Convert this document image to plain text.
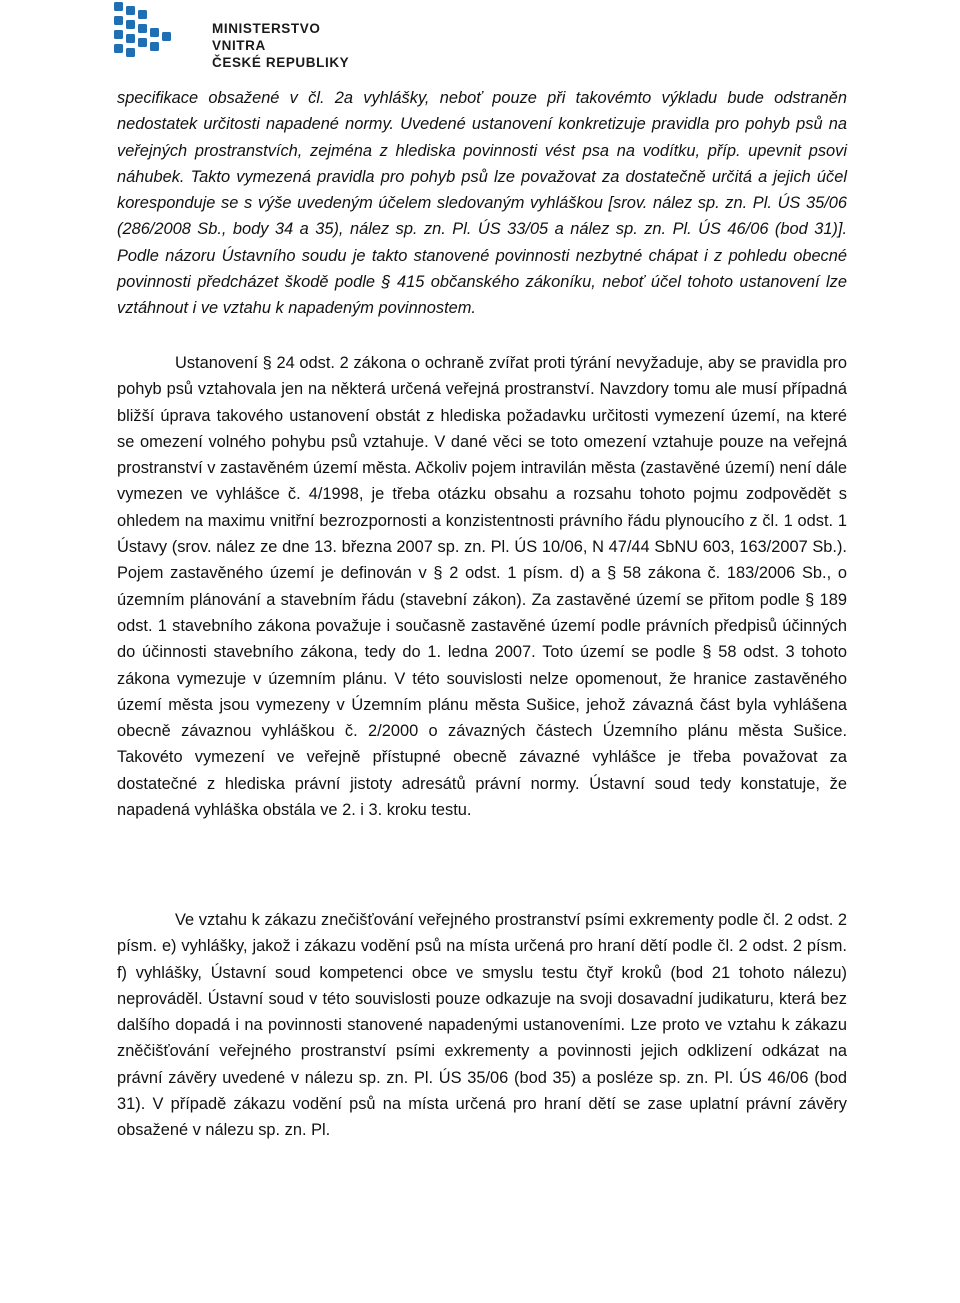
MINISTERSTVO VNITRA
ČESKÉ REPUBLIKY

specifikace obsažené v čl. 2a vyhlášky, neboť pouze při takovémto výkladu bude odstraněn nedostatek určitosti napadené normy. Uvedené ustanovení konkretizuje pravidla pro pohyb psů na veřejných prostranstvích, zejména z hlediska povinnosti vést psa na vodítku, příp. upevnit psovi náhubek. Takto vymezená pravidla pro pohyb psů lze považovat za dostatečně určitá a jejich účel koresponduje se s výše uvedeným účelem sledovaným vyhláškou [srov. nález sp. zn. Pl. ÚS 35/06 (286/2008 Sb., body 34 a 35), nález sp. zn. Pl. ÚS 33/05 a nález sp. zn. Pl. ÚS 46/06 (bod 31)]. Podle názoru Ústavního soudu je takto stanovené povinnosti nezbytné chápat i z pohledu obecné povinnosti předcházet škodě podle § 415 občanského zákoníku, neboť účel tohoto ustanovení lze vztáhnout i ve vztahu k napadeným povinnostem.

Ustanovení § 24 odst. 2 zákona o ochraně zvířat proti týrání nevyžaduje, aby se pravidla pro pohyb psů vztahovala jen na některá určená veřejná prostranství. Navzdory tomu ale musí případná bližší úprava takového ustanovení obstát z hlediska požadavku určitosti vymezení území, na které se omezení volného pohybu psů vztahuje. V dané věci se toto omezení vztahuje pouze na veřejná prostranství v zastavěném území města. Ačkoliv pojem intravilán města (zastavěné území) není dále vymezen ve vyhlášce č. 4/1998, je třeba otázku obsahu a rozsahu tohoto pojmu zodpovědět s ohledem na maximu vnitřní bezrozpornosti a konzistentnosti právního řádu plynoucího z čl. 1 odst. 1 Ústavy (srov. nález ze dne 13. března 2007 sp. zn. Pl. ÚS 10/06, N 47/44 SbNU 603, 163/2007 Sb.). Pojem zastavěného území je definován v § 2 odst. 1 písm. d) a § 58 zákona č. 183/2006 Sb., o územním plánování a stavebním řádu (stavební zákon). Za zastavěné území se přitom podle § 189 odst. 1 stavebního zákona považuje i současně zastavěné území podle právních předpisů účinných do účinnosti stavebního zákona, tedy do 1. ledna 2007. Toto území se podle § 58 odst. 3 tohoto zákona vymezuje v územním plánu. V této souvislosti nelze opomenout, že hranice zastavěného území města jsou vymezeny v Územním plánu města Sušice, jehož závazná část byla vyhlášena obecně závaznou vyhláškou č. 2/2000 o závazných částech Územního plánu města Sušice. Takovéto vymezení ve veřejně přístupné obecně závazné vyhlášce je třeba považovat za dostatečné z hlediska právní jistoty adresátů právní normy. Ústavní soud tedy konstatuje, že napadená vyhláška obstála ve 2. i 3. kroku testu.

Ve vztahu k zákazu znečišťování veřejného prostranství psími exkrementy podle čl. 2 odst. 2 písm. e) vyhlášky, jakož i zákazu vodění psů na místa určená pro hraní dětí podle čl. 2 odst. 2 písm. f) vyhlášky, Ústavní soud kompetenci obce ve smyslu testu čtyř kroků (bod 21 tohoto nálezu) neprováděl. Ústavní soud v této souvislosti pouze odkazuje na svoji dosavadní judikaturu, která bez dalšího dopadá i na povinnosti stanovené napadenými ustanoveními. Lze proto ve vztahu k zákazu zněčišťování veřejného prostranství psími exkrementy a povinnosti jejich odklizení odkázat na právní závěry uvedené v nálezu sp. zn. Pl. ÚS 35/06 (bod 35) a posléze sp. zn. Pl. ÚS 46/06 (bod 31). V případě zákazu vodění psů na místa určená pro hraní dětí se zase uplatní právní závěry obsažené v nálezu sp. zn. Pl.
